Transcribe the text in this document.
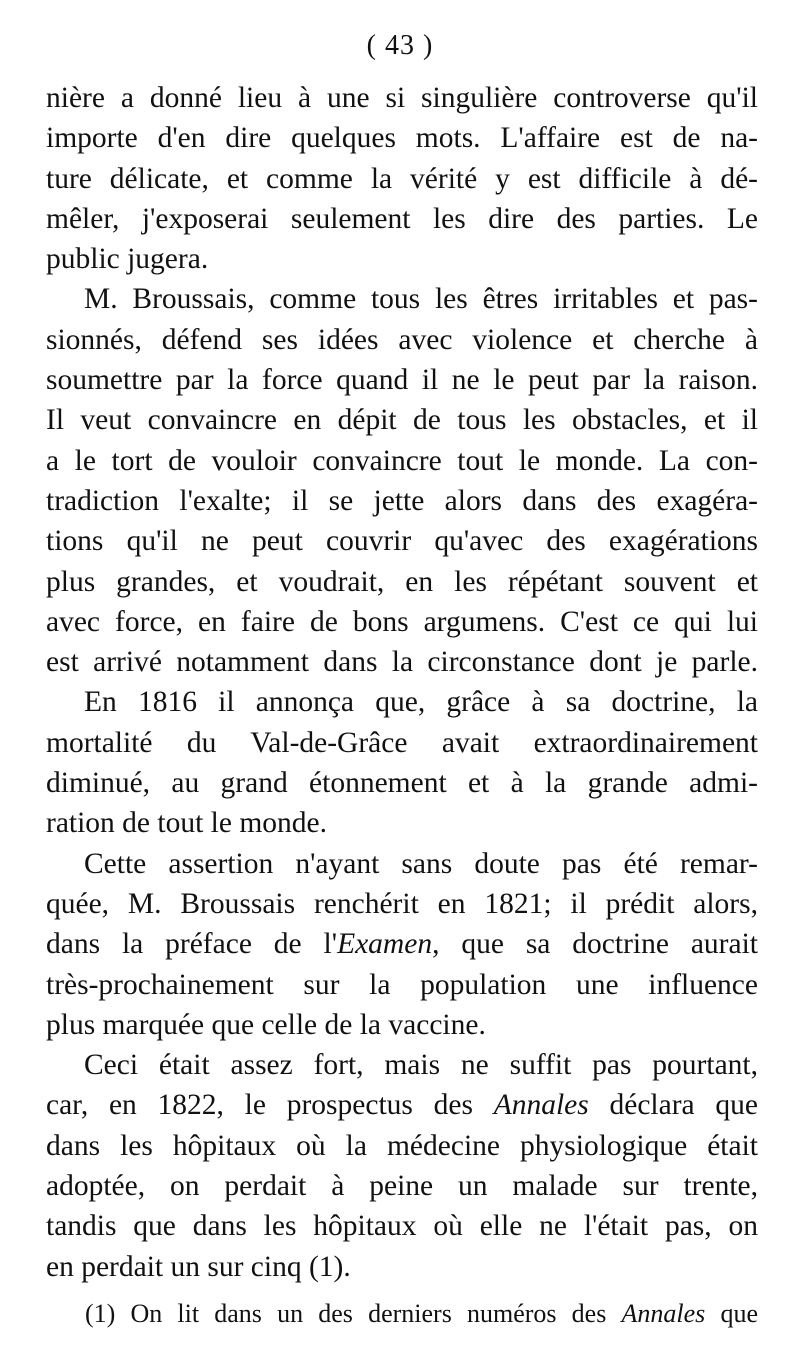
( 43 )
nière a donné lieu à une si singulière controverse qu'il
importe d'en dire quelques mots. L'affaire est de na-
ture délicate, et comme la vérité y est difficile à dé-
mêler, j'exposerai seulement les dire des parties. Le
public jugera.
M. Broussais, comme tous les êtres irritables et pas-
sionnés, défend ses idées avec violence et cherche à
soumettre par la force quand il ne le peut par la raison.
Il veut convaincre en dépit de tous les obstacles, et il
a le tort de vouloir convaincre tout le monde. La con-
tradiction l'exalte; il se jette alors dans des exagéra-
tions qu'il ne peut couvrir qu'avec des exagérations
plus grandes, et voudrait, en les répétant souvent et
avec force, en faire de bons argumens. C'est ce qui lui
est arrivé notamment dans la circonstance dont je parle.
En 1816 il annonça que, grâce à sa doctrine, la
mortalité du Val-de-Grâce avait extraordinairement
diminué, au grand étonnement et à la grande admi-
ration de tout le monde.
Cette assertion n'ayant sans doute pas été remar-
quée, M. Broussais renchérit en 1821; il prédit alors,
dans la préface de l'Examen, que sa doctrine aurait
très-prochainement sur la population une influence
plus marquée que celle de la vaccine.
Ceci était assez fort, mais ne suffit pas pourtant,
car, en 1822, le prospectus des Annales déclara que
dans les hôpitaux où la médecine physiologique était
adoptée, on perdait à peine un malade sur trente,
tandis que dans les hôpitaux où elle ne l'était pas, on
en perdait un sur cinq (1).
(1) On lit dans un des derniers numéros des Annales que
